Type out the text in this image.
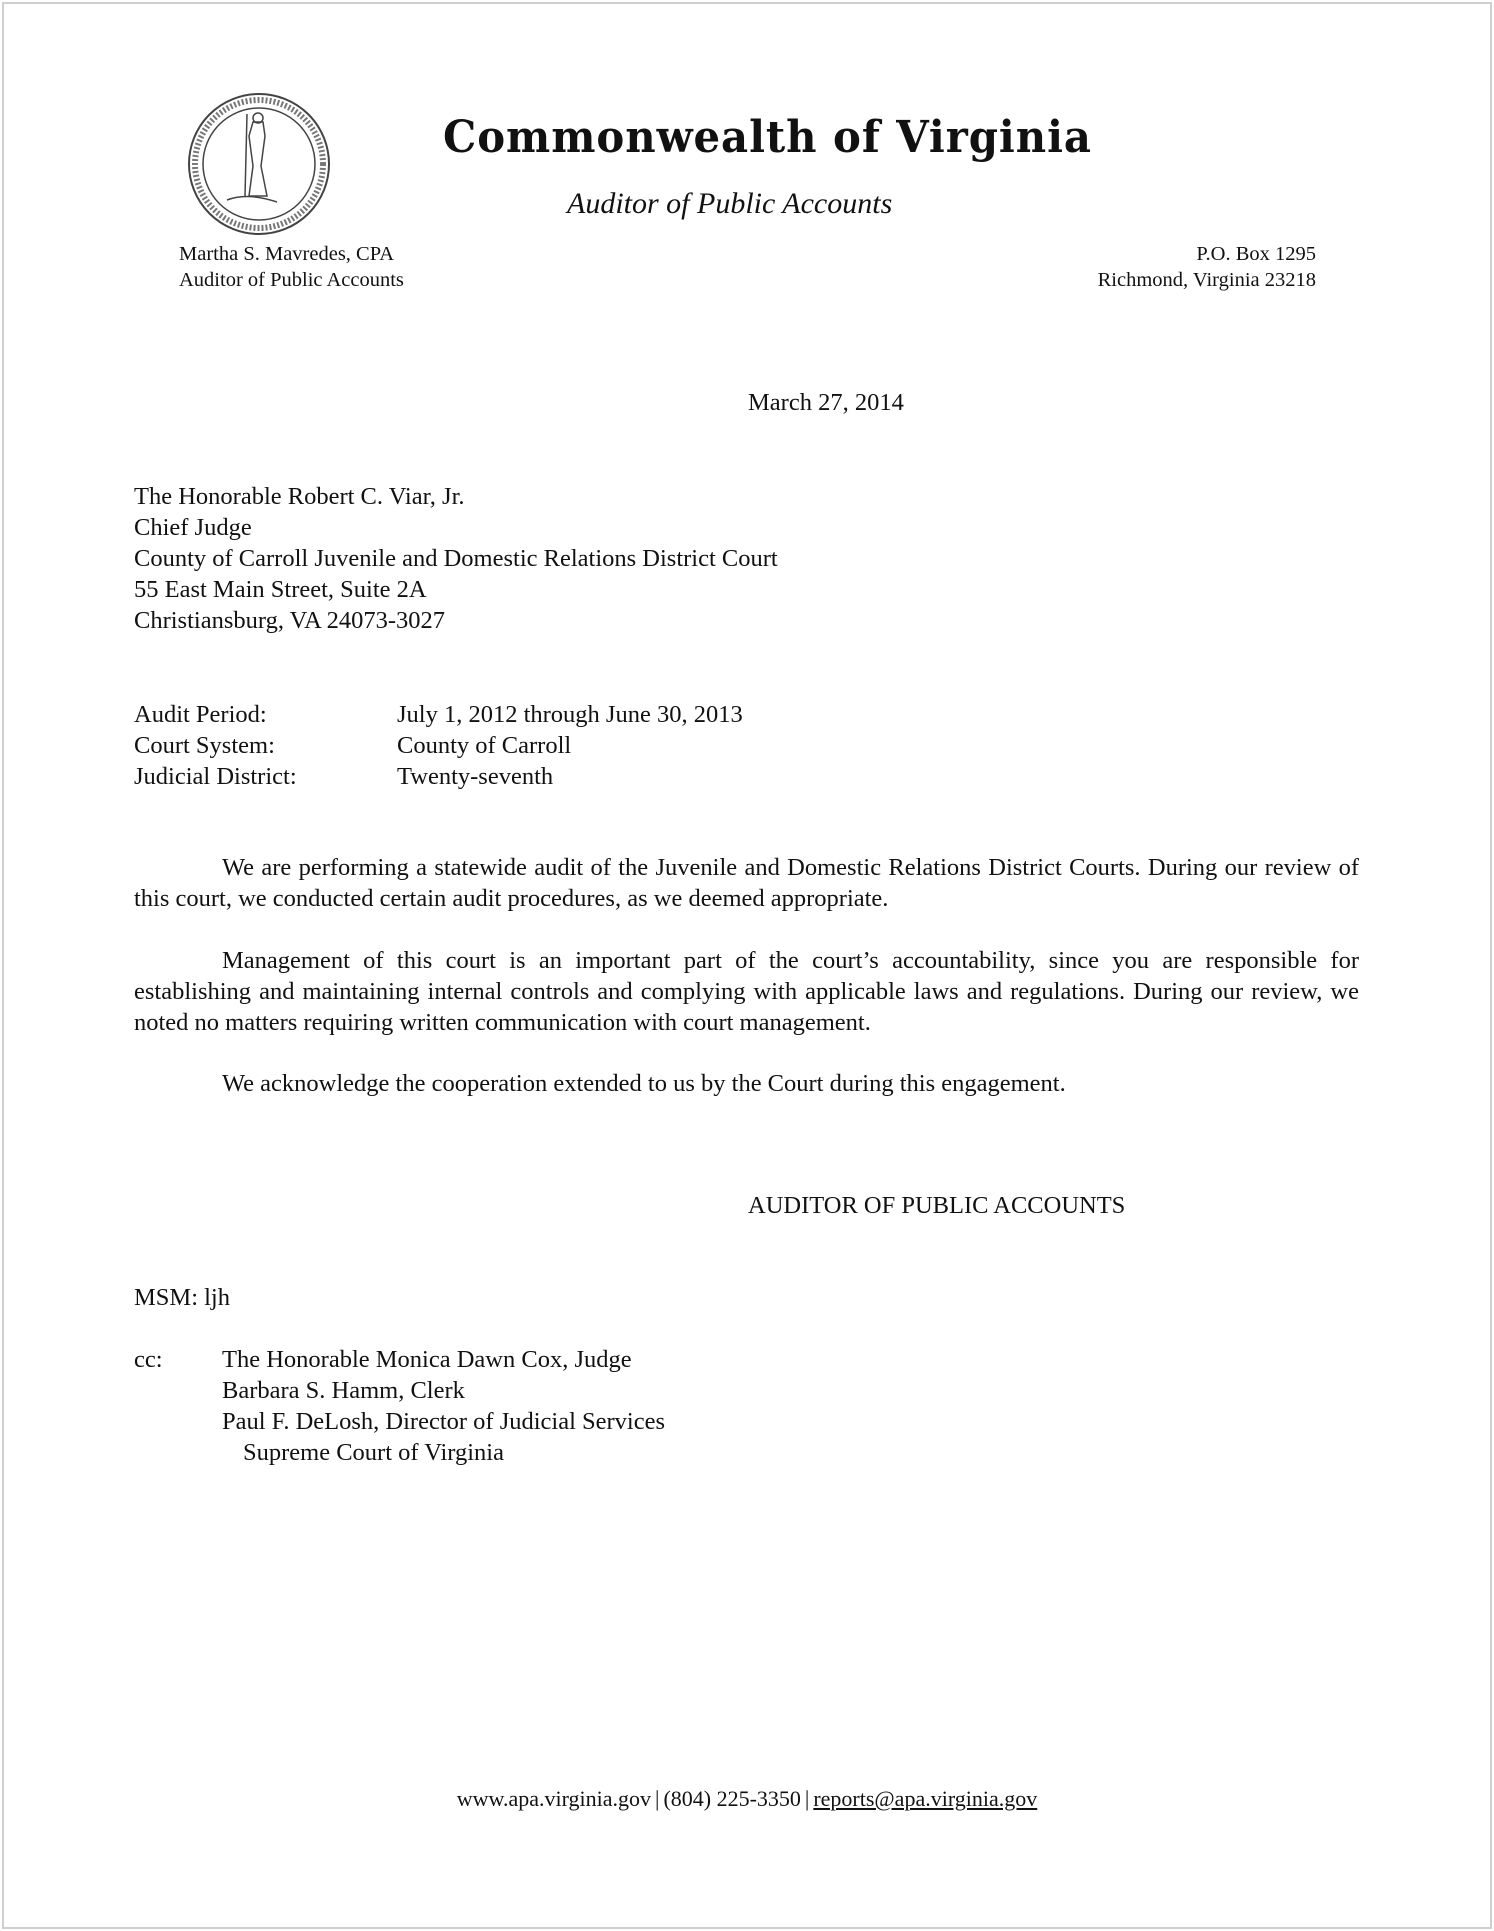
Commonwealth of Virginia
Auditor of Public Accounts
Martha S. Mavredes, CPA
Auditor of Public Accounts
P.O. Box 1295
Richmond, Virginia 23218
March 27, 2014
The Honorable Robert C. Viar, Jr.
Chief Judge
County of Carroll Juvenile and Domestic Relations District Court
55 East Main Street, Suite 2A
Christiansburg, VA 24073-3027
Audit Period:	July 1, 2012 through June 30, 2013
Court System:	County of Carroll
Judicial District:	Twenty-seventh
We are performing a statewide audit of the Juvenile and Domestic Relations District Courts. During our review of this court, we conducted certain audit procedures, as we deemed appropriate.
Management of this court is an important part of the court’s accountability, since you are responsible for establishing and maintaining internal controls and complying with applicable laws and regulations. During our review, we noted no matters requiring written communication with court management.
We acknowledge the cooperation extended to us by the Court during this engagement.
AUDITOR OF PUBLIC ACCOUNTS
MSM: ljh
cc: The Honorable Monica Dawn Cox, Judge
Barbara S. Hamm, Clerk
Paul F. DeLosh, Director of Judicial Services
Supreme Court of Virginia
www.apa.virginia.gov | (804) 225-3350 | reports@apa.virginia.gov
